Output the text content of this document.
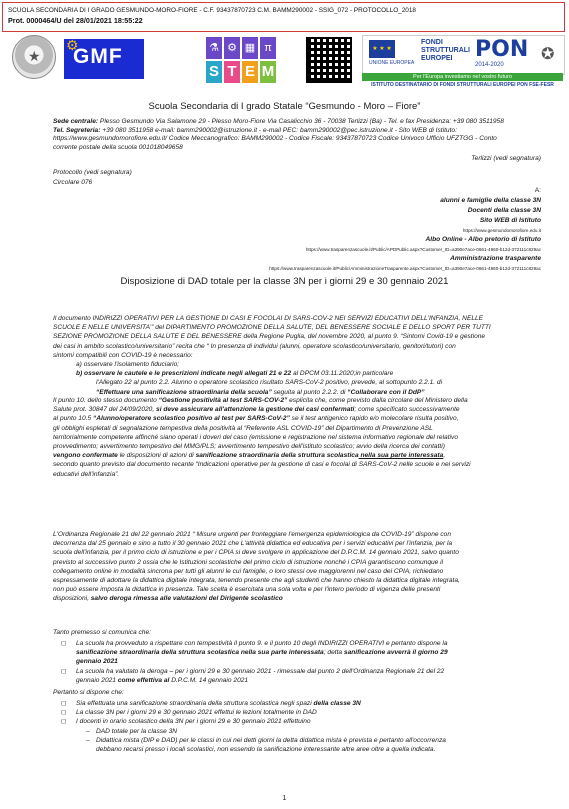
SCUOLA SECONDARIA DI I GRADO GESMUNDO-MORO-FIORE - C.F. 93437870723 C.M. BAMM290002 - SSIG_072 - PROTOCOLLO_2018
Prot. 0000464/U del 28/01/2021 18:55:22
★
⚙
GMF	⚗ ⚙ ▦ π
S T E M
★ ★ ★
UNIONE EUROPEA
FONDI
STRUTTURALI
EUROPEI	PON
2014-2020
✪
Per l'Europa investiamo nel vostro futuro
ISTITUTO DESTINATARIO DI FONDI STRUTTURALI EUROPEI PON FSE-FESR
Scuola Secondaria di I grado Statale “Gesmundo - Moro – Fiore”
Sede centrale: Plesso Gesmundo Via Salamone 29 - Plesso Moro-Fiore Via Casalicchio 36 - 70038 Terlizzi (Ba) - Tel. e fax Presidenza: +39 080 3511958
Tel. Segreteria: +39 080 3511958 e-mail: bamm290002@istruzione.it - e-mail PEC: bamm290002@pec.istruzione.it - Sito WEB di Istituto:
https://www.gesmundomorofiore.edu.it/ Codice Meccanografico: BAMM290002 - Codice Fiscale: 93437870723 Codice Univoco Ufficio UFZTGG - Conto
corrente postale della scuola 001018049658
Terlizzi (vedi segnatura)
Protocollo (vedi segnatura)
Circolare 076
A:
alunni e famiglie della classe 3N
Docenti della classe 3N
Sito WEB di Istituto
https://www.gesmundomorofiore.edu.it
Albo Online - Albo pretorio di Istituto
https://www.trasparenzascuole.it/Public/APDPublic.aspx?Customer_ID=a390e7ace-0661-4960-b12d-372111c829ac
Amministrazione trasparente
https://www.trasparenzascuole.it/Public/AmministrazioneTrasparente.aspx?Customer_ID=a390e7ace-0661-4960-b12d-372111c829ac
Disposizione di DAD totale per la classe 3N per i giorni 29 e 30 gennaio 2021
Il documento INDIRIZZI OPERATIVI PER LA GESTIONE DI CASI E FOCOLAI DI SARS-COV-2 NEI SERVIZI EDUCATIVI DELL'INFANZIA, NELLE
SCUOLE E NELLE UNIVERSITA’” del DIPARTIMENTO PROMOZIONE DELLA SALUTE, DEL BENESSERE SOCIALE E DELLO SPORT PER TUTTI
SEZIONE PROMOZIONE DELLA SALUTE E DEL BENESSERE della Regione Puglia, del novembre 2020, al punto 9. “Sintomi Covid-19 e gestione
dei casi in ambito scolastico/universitario” recita che “ In presenza di individui (alunni, operatore scolastico/universitario, genitori/tutori) con
sintomi compatibili con COVID-19 è necessario:
a) osservare l'isolamento fiduciario;
b) osservare le cautele e le prescrizioni indicate negli allegati 21 e 22 al DPCM 03.11.2020;in particolare
l'Allegato 22 al punto 2.2. Alunno o operatore scolastico risultato SARS-CoV-2 positivo, prevede, al sottopunto 2.2.1. di
“Effettuare una sanificazione straordinaria della scuola” seguita al punto 2.2.2. di “Collaborare con il DdP”
Il punto 10. dello stesso documento “Gestione positività al test SARS-COV-2” esplicita che, come previsto dalla circolare del Ministero della
Salute prot. 30847 del 24/09/2020, si deve assicurare all'attenzione la gestione dei casi confermati; come specificato successivamente
al punto 10.5 “Alunno/operatore scolastico positivo al test per SARS-CoV-2” se il test antigenico rapido e/o molecolare risulta positivo,
gli obblighi espletati di segnalazione tempestiva della positività al “Referente ASL COVID-19” del Dipartimento di Prevenzione ASL
territorialmente competente affinché siano operati i doveri del caso (emissione e registrazione nel sistema informativo regionale del relativo
provvedimento; avvertimento tempestivo del MMG/PLS; avvertimento tempestivo dell'istituto scolastico; avvio della ricerca dei contatti)
vengono confermate le disposizioni di azioni di sanificazione straordinaria della struttura scolastica nella sua parte interessata,
secondo quanto previsto dal documento recante “Indicazioni operative per la gestione di casi e focolai di SARS-CoV-2 nelle scuole e nei servizi
educativi dell'infanzia”.
L'Ordinanza Regionale 21 del 22 gennaio 2021 “ Misure urgenti per fronteggiare l'emergenza epidemiologica da COVID-19” dispone con
decorrenza dal 25 gennaio e sino a tutto il 30 gennaio 2021 che L'attività didattica ed educativa per i servizi educativi per l'infanzia, per la
scuola dell'infanzia, per il primo ciclo di istruzione e per i CPIA si deve svolgere in applicazione del D.P.C.M. 14 gennaio 2021, salvo quanto
previsto al successivo punto 2 ossia che le Istituzioni scolastiche del primo ciclo di istruzione nonché i CPIA garantiscono comunque il
collegamento online in modalità sincrona per tutti gli alunni le cui famiglie, o loro stessi ove maggiorenni nel caso dei CPIA, richiedano
espressamente di adottare la didattica digitale integrata, tenendo presente che agli studenti che hanno chiesto la didattica digitale integrata,
non può essere imposta la didattica in presenza. Tale scelta è esercitata una sola volta e per l'intero periodo di vigenza delle presenti
disposizioni, salvo deroga rimessa alle valutazioni del Dirigente scolastico
Tanto premesso si comunica che:
◻ La scuola ha provveduto a rispettare con tempestività il punto 9. e il punto 10 degli INDIRIZZI OPERATIVI e pertanto dispone la
sanificazione straordinaria della struttura scolastica nella sua parte interessata; detta sanificazione avverrà il giorno 29
gennaio 2021
◻ La scuola ha valutato la deroga – per i giorni 29 e 30 gennaio 2021 - rimessale dal punto 2 dell'Ordinanza Regionale 21 del 22
gennaio 2021 come effettiva al D.P.C.M. 14 gennaio 2021
Pertanto si dispone che:
◻ Sia effettuata una sanificazione straordinaria della struttura scolastica negli spazi della classe 3N
◻ La classe 3N per i giorni 29 e 30 gennaio 2021 effettui le lezioni totalmente in DAD
◻ I docenti in orario scolastico della 3N per i giorni 29 e 30 gennaio 2021 effettuino
– DAD totale per la classe 3N
– Didattica mista (DIP e DAD) per le classi in cui nei detti giorni la detta didattica mista è prevista e pertanto all'occorrenza
debbano recarsi presso i locali scolastici, non essendo la sanificazione interessante altre aree oltre a quella indicata.
1
